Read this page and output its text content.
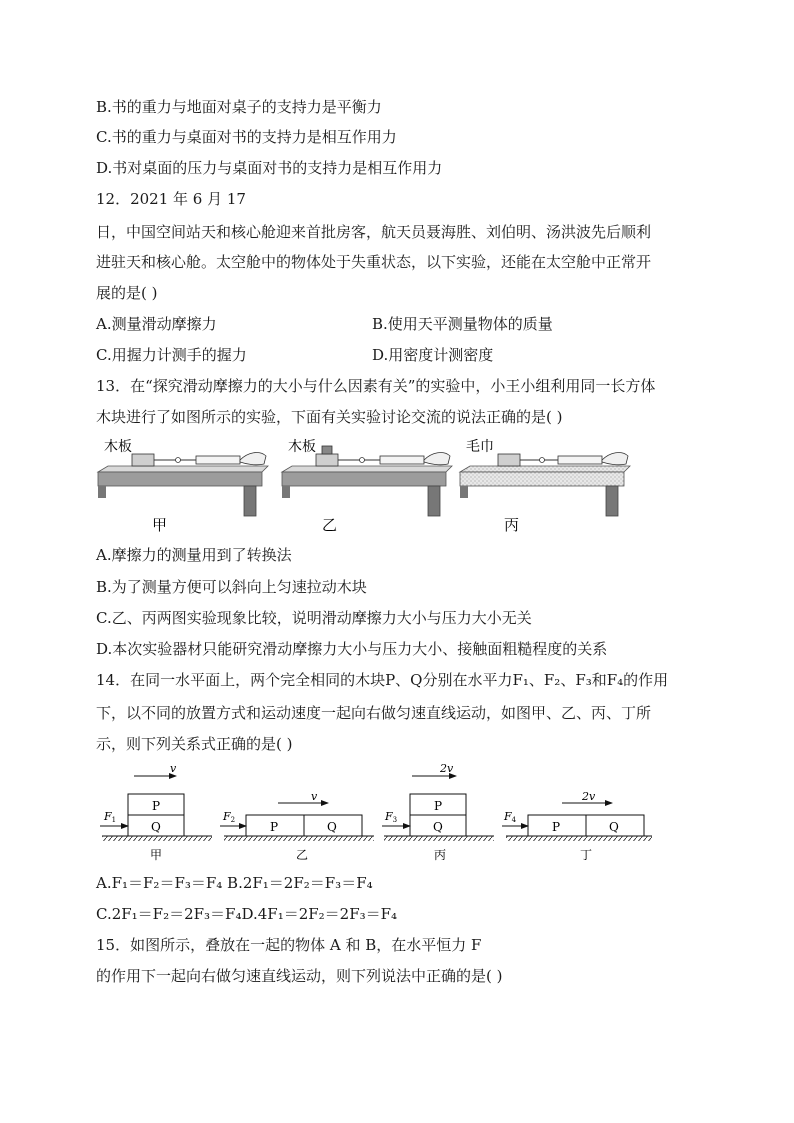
B.书的重力与地面对桌子的支持力是平衡力
C.书的重力与桌面对书的支持力是相互作用力
D.书对桌面的压力与桌面对书的支持力是相互作用力
12．2021 年 6 月 17
日，中国空间站天和核心舱迎来首批房客，航天员聂海胜、刘伯明、汤洪波先后顺利
进驻天和核心舱。太空舱中的物体处于失重状态，以下实验，还能在太空舱中正常开
展的是( )
A.测量滑动摩擦力	B.使用天平测量物体的质量
C.用握力计测手的握力	D.用密度计测密度
13．在“探究滑动摩擦力的大小与什么因素有关”的实验中，小王小组利用同一长方体
木块进行了如图所示的实验，下面有关实验讨论交流的说法正确的是( )
木板	木板	毛巾
甲	乙	丙
A.摩擦力的测量用到了转换法
B.为了测量方便可以斜向上匀速拉动木块
C.乙、丙两图实验现象比较，说明滑动摩擦力大小与压力大小无关
D.本次实验器材只能研究滑动摩擦力大小与压力大小、接触面粗糙程度的关系
14．在同一水平面上，两个完全相同的木块P、Q分别在水平力F₁、F₂、F₃和F₄的作用
下，以不同的放置方式和运动速度一起向右做匀速直线运动，如图甲、乙、丙、丁所
示，则下列关系式正确的是( )
v
P
Q
F1
甲
v
P	Q
F2
乙
2v
P
Q
F3
丙
2v
P	Q
F4
丁
A.F₁＝F₂＝F₃＝F₄ B.2F₁＝2F₂＝F₃＝F₄
C.2F₁＝F₂＝2F₃＝F₄D.4F₁＝2F₂＝2F₃＝F₄
15．如图所示，叠放在一起的物体 A 和 B，在水平恒力 F
的作用下一起向右做匀速直线运动，则下列说法中正确的是( )
